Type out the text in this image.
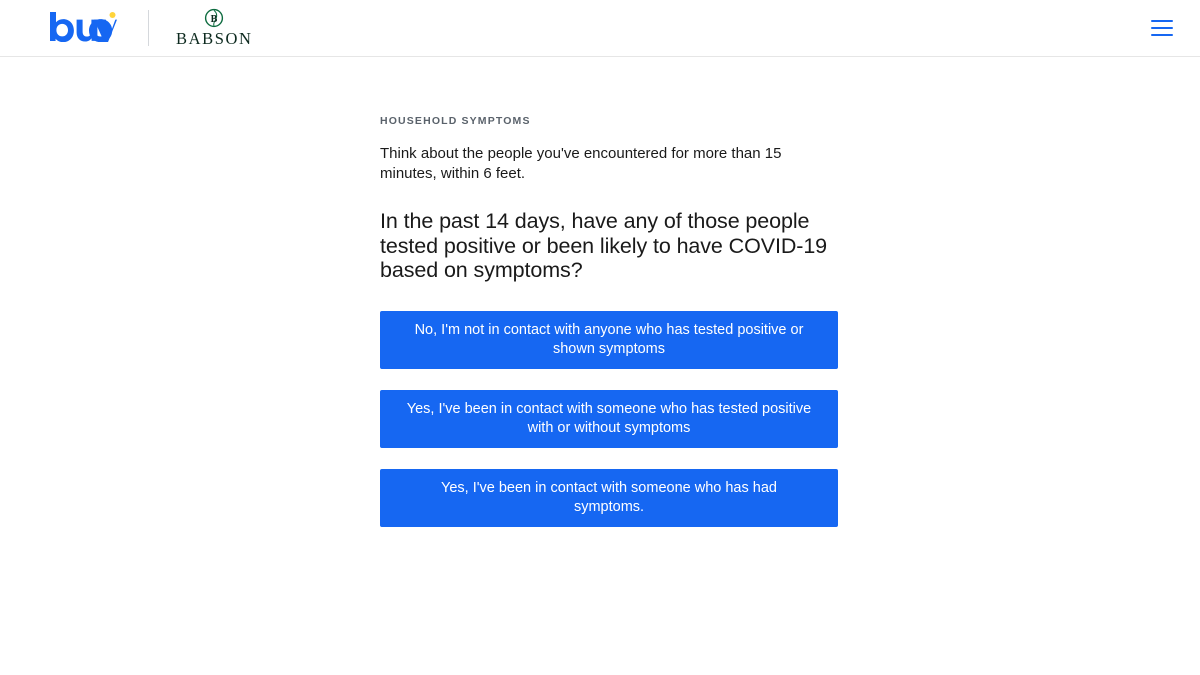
B
BABSON
HOUSEHOLD SYMPTOMS

Think about the people you've encountered for more than 15 minutes, within 6 feet.

In the past 14 days, have any of those people tested positive or been likely to have COVID-19 based on symptoms?
No, I'm not in contact with anyone who has tested positive or shown symptoms
Yes, I've been in contact with someone who has tested positive with or without symptoms
Yes, I've been in contact with someone who has had symptoms.
